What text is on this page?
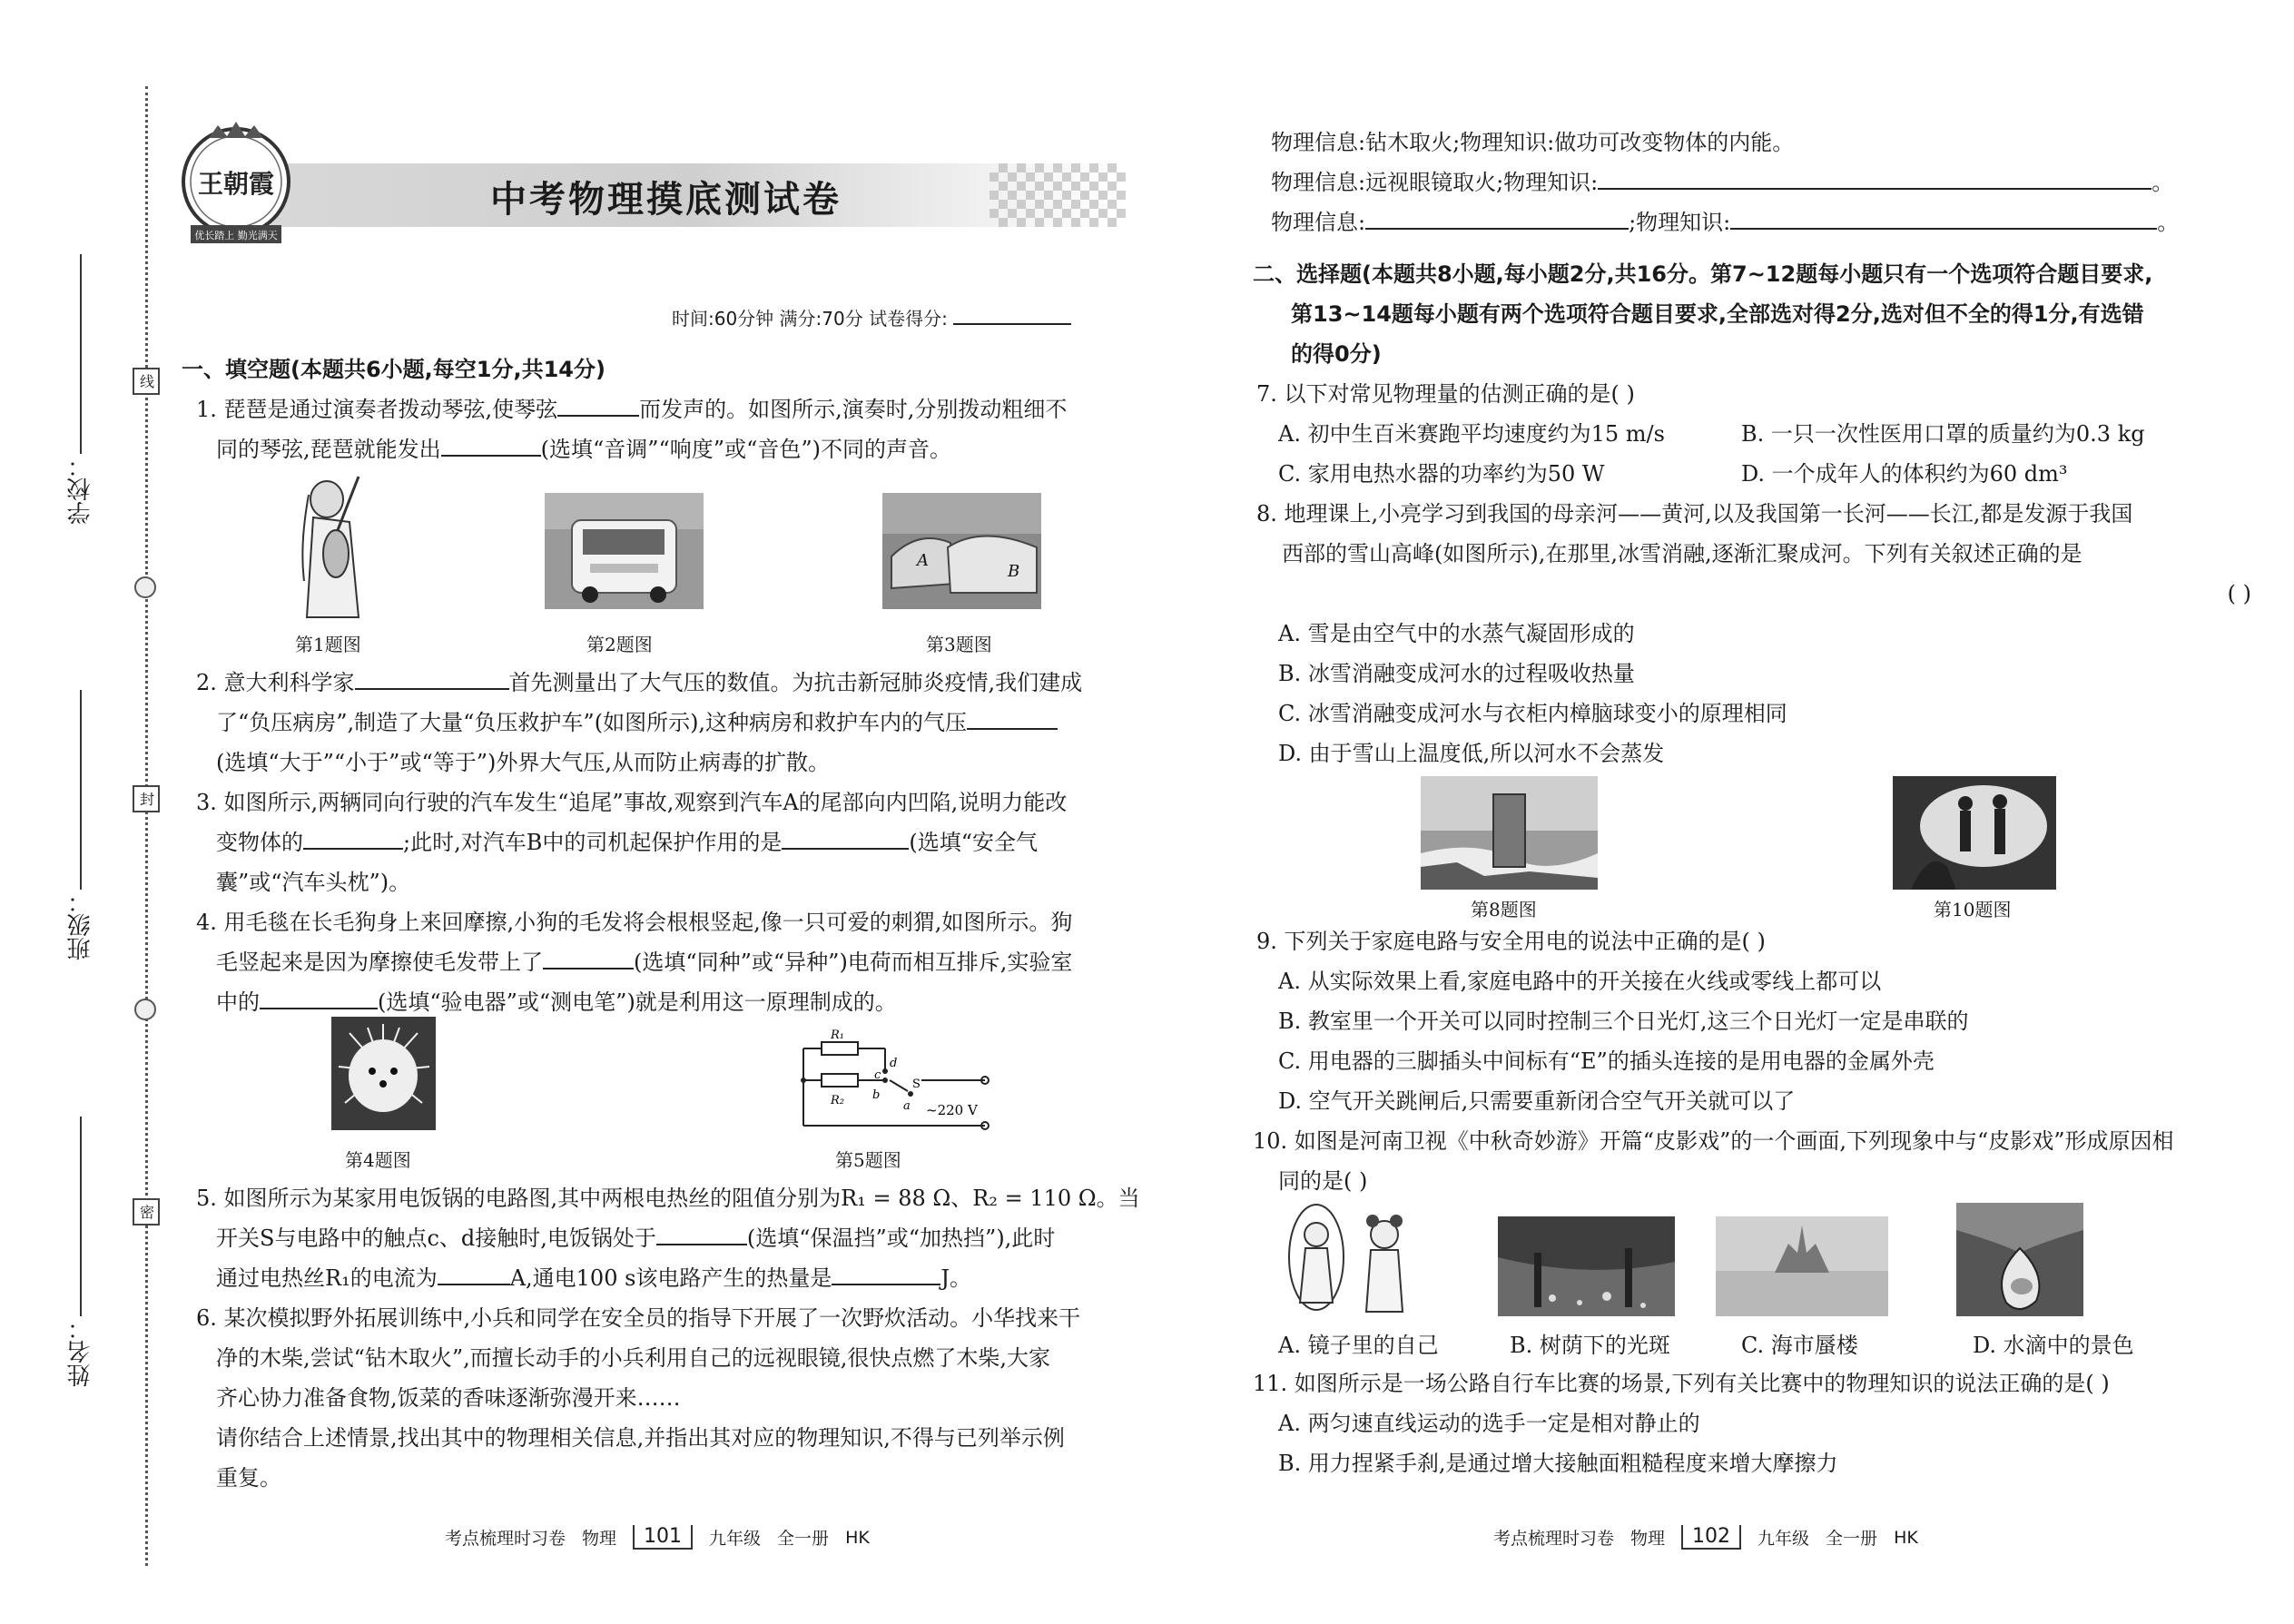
学校：
班级：
姓名：
线
封
密
中考物理摸底测试卷
王朝霞
优长踏上 勤光满天
时间:60分钟 满分:70分 试卷得分:
一、填空题(本题共6小题,每空1分,共14分)

1. 琵琶是通过演奏者拨动琴弦,使琴弦	而发声的。如图所示,演奏时,分别拨动粗细不
同的琴弦,琵琶就能发出	(选填“音调”“响度”或“音色”)不同的声音。

第1题图	第2题图
A
B
第3题图

2. 意大利科学家	首先测量出了大气压的数值。为抗击新冠肺炎疫情,我们建成
了“负压病房”,制造了大量“负压救护车”(如图所示),这种病房和救护车内的气压
(选填“大于”“小于”或“等于”)外界大气压,从而防止病毒的扩散。

3. 如图所示,两辆同向行驶的汽车发生“追尾”事故,观察到汽车A的尾部向内凹陷,说明力能改
变物体的	;此时,对汽车B中的司机起保护作用的是	(选填“安全气
囊”或“汽车头枕”)。

4. 用毛毯在长毛狗身上来回摩擦,小狗的毛发将会根根竖起,像一只可爱的刺猬,如图所示。狗
毛竖起来是因为摩擦使毛发带上了	(选填“同种”或“异种”)电荷而相互排斥,实验室
中的	(选填“验电器”或“测电笔”)就是利用这一原理制成的。

第4题图
R₁
R₂
d
c
b
a
S
~220 V
第5题图

5. 如图所示为某家用电饭锅的电路图,其中两根电热丝的阻值分别为R₁ = 88 Ω、R₂ = 110 Ω。当
开关S与电路中的触点c、d接触时,电饭锅处于	(选填“保温挡”或“加热挡”),此时
通过电热丝R₁的电流为	A,通电100 s该电路产生的热量是	J。

6. 某次模拟野外拓展训练中,小兵和同学在安全员的指导下开展了一次野炊活动。小华找来干
净的木柴,尝试“钻木取火”,而擅长动手的小兵利用自己的远视眼镜,很快点燃了木柴,大家
齐心协力准备食物,饭菜的香味逐渐弥漫开来……
请你结合上述情景,找出其中的物理相关信息,并指出其对应的物理知识,不得与已列举示例
重复。

考点梳理时习卷 物理	101	九年级 全一册 HK

物理信息:钻木取火;物理知识:做功可改变物体的内能。

物理信息:远视眼镜取火;物理知识:	。

物理信息:	;物理知识:	。

二、选择题(本题共8小题,每小题2分,共16分。第7~12题每小题只有一个选项符合题目要求,
第13~14题每小题有两个选项符合题目要求,全部选对得2分,选对但不全的得1分,有选错
的得0分)

7. 以下对常见物理量的估测正确的是( )

A. 初中生百米赛跑平均速度约为15 m/s	B. 一只一次性医用口罩的质量约为0.3 kg

C. 家用电热水器的功率约为50 W	D. 一个成年人的体积约为60 dm³

8. 地理课上,小亮学习到我国的母亲河——黄河,以及我国第一长河——长江,都是发源于我国
西部的雪山高峰(如图所示),在那里,冰雪消融,逐渐汇聚成河。下列有关叙述正确的是

( )

A. 雪是由空气中的水蒸气凝固形成的

B. 冰雪消融变成河水的过程吸收热量

C. 冰雪消融变成河水与衣柜内樟脑球变小的原理相同

D. 由于雪山上温度低,所以河水不会蒸发

第8题图	第10题图

9. 下列关于家庭电路与安全用电的说法中正确的是( )

A. 从实际效果上看,家庭电路中的开关接在火线或零线上都可以

B. 教室里一个开关可以同时控制三个日光灯,这三个日光灯一定是串联的

C. 用电器的三脚插头中间标有“E”的插头连接的是用电器的金属外壳

D. 空气开关跳闸后,只需要重新闭合空气开关就可以了

10. 如图是河南卫视《中秋奇妙游》开篇“皮影戏”的一个画面,下列现象中与“皮影戏”形成原因相
同的是( )

A. 镜子里的自己	B. 树荫下的光斑	C. 海市蜃楼	D. 水滴中的景色

11. 如图所示是一场公路自行车比赛的场景,下列有关比赛中的物理知识的说法正确的是( )

A. 两匀速直线运动的选手一定是相对静止的

B. 用力捏紧手刹,是通过增大接触面粗糙程度来增大摩擦力

考点梳理时习卷 物理	102	九年级 全一册 HK
